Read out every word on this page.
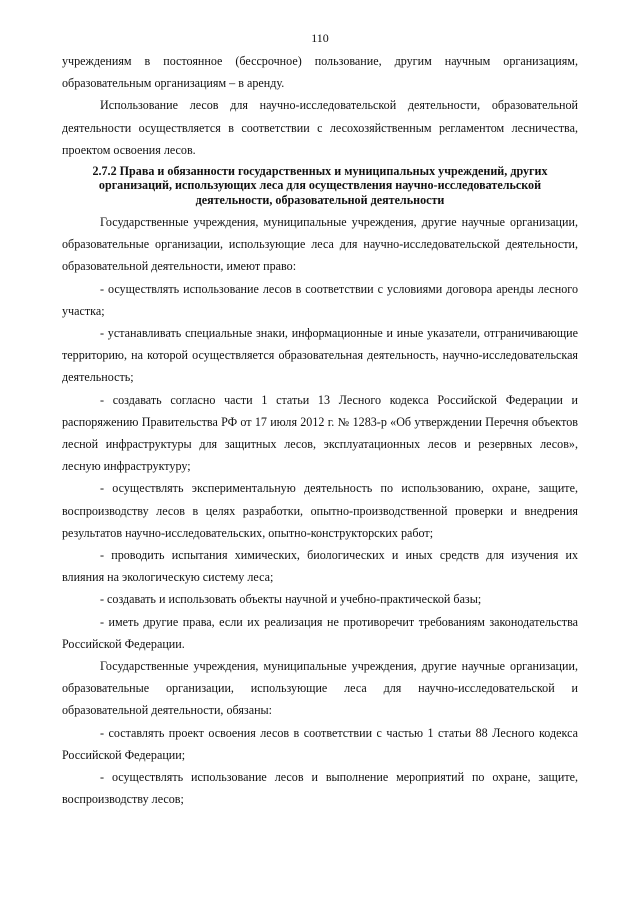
110

учреждениям в постоянное (бессрочное) пользование, другим научным организациям, образовательным организациям – в аренду.

Использование лесов для научно-исследовательской деятельности, образовательной деятельности осуществляется в соответствии с лесохозяйственным регламентом лесничества, проектом освоения лесов.

2.7.2 Права и обязанности государственных и муниципальных учреждений, других организаций, использующих леса для осуществления научно-исследовательской деятельности, образовательной деятельности

Государственные учреждения, муниципальные учреждения, другие научные организации, образовательные организации, использующие леса для научно-исследовательской деятельности, образовательной деятельности, имеют право:

- осуществлять использование лесов в соответствии с условиями договора аренды лесного участка;

- устанавливать специальные знаки, информационные и иные указатели, отграничивающие территорию, на которой осуществляется образовательная деятельность, научно-исследовательская деятельность;

- создавать согласно части 1 статьи 13 Лесного кодекса Российской Федерации и распоряжению Правительства РФ от 17 июля 2012 г. № 1283-р «Об утверждении Перечня объектов лесной инфраструктуры для защитных лесов, эксплуатационных лесов и резервных лесов», лесную инфраструктуру;

- осуществлять экспериментальную деятельность по использованию, охране, защите, воспроизводству лесов в целях разработки, опытно-производственной проверки и внедрения результатов научно-исследовательских, опытно-конструкторских работ;

- проводить испытания химических, биологических и иных средств для изучения их влияния на экологическую систему леса;

- создавать и использовать объекты научной и учебно-практической базы;

- иметь другие права, если их реализация не противоречит требованиям законодательства Российской Федерации.

Государственные учреждения, муниципальные учреждения, другие научные организации, образовательные организации, использующие леса для научно-исследовательской и образовательной деятельности, обязаны:

- составлять проект освоения лесов в соответствии с частью 1 статьи 88 Лесного кодекса Российской Федерации;

- осуществлять использование лесов и выполнение мероприятий по охране, защите, воспроизводству лесов;
